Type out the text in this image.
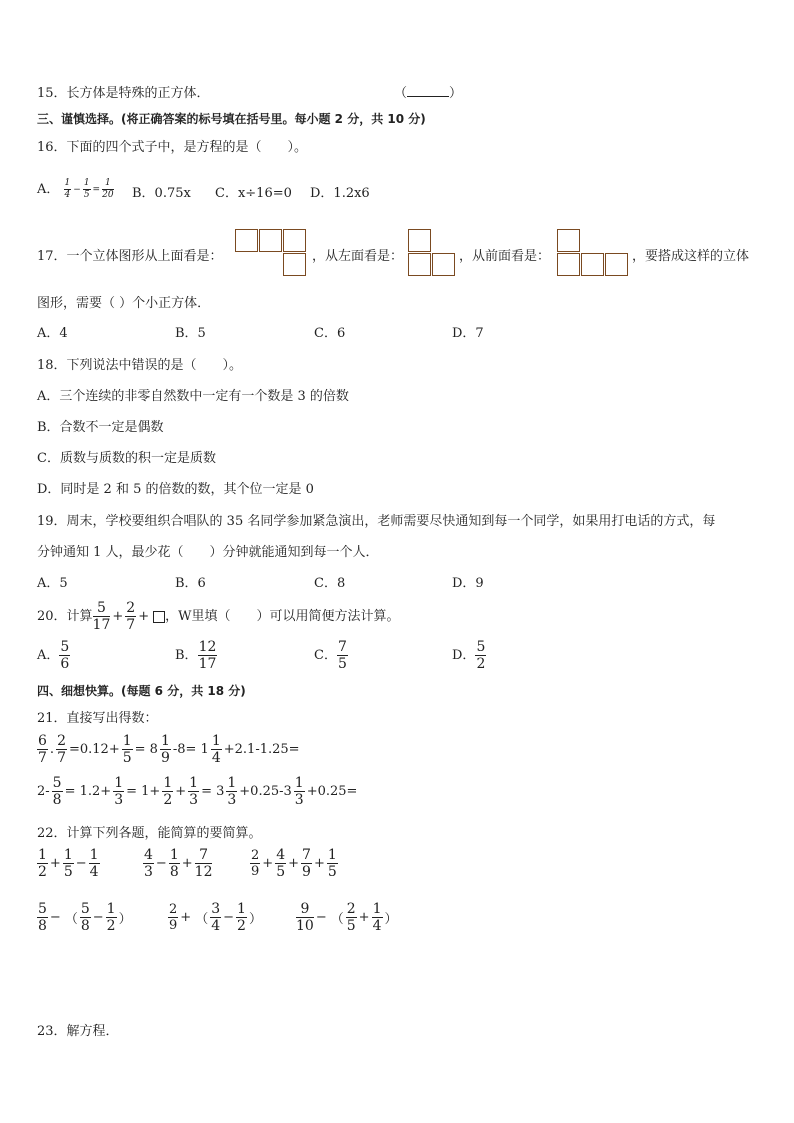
15．长方体是特殊的正方体．	（	）
三、谨慎选择。(将正确答案的标号填在括号里。每小题 2 分，共 10 分)
16．下面的四个式子中，是方程的是（　　）。
A． $\frac{1}{4} - \frac{1}{5} = \frac{1}{20}$ B．0.75x C．x÷16=0 D．1.2x6
17．一个立体图形从上面看是：	，从左面看是：	，从前面看是：	，要搭成这样的立体
图形，需要（ ）个小正方体．
A．4	B．5	C．6	D．7
18．下列说法中错误的是（　　）。
A．三个连续的非零自然数中一定有一个数是 3 的倍数
B．合数不一定是偶数
C．质数与质数的积一定是质数
D．同时是 2 和 5 的倍数的数，其个位一定是 0
19．周末，学校要组织合唱队的 35 名同学参加紧急演出，老师需要尽快通知到每一个同学，如果用打电话的方式，每
分钟通知 1 人，最少花（　　）分钟就能通知到每一个人．
A．5	B．6	C．8	D．9
20．计算 $\frac{5}{17} + \frac{2}{7}$ + ，W里填（　　）可以用简便方法计算。
A． $\frac{5}{6}$	B． $\frac{12}{17}$	C． $\frac{7}{5}$	D． $\frac{5}{2}$
四、细想快算。(每题 6 分，共 18 分)
21．直接写出得数：
$\frac{6}{7}$ . $\frac{2}{7} =0.12+ \frac{1}{5} = 8 \frac{1}{9} -8= 1 \frac{1}{4} +2.1-1.25=$
$2- \frac{5}{8} = 1.2+ \frac{1}{3} = 1+ \frac{1}{2} + \frac{1}{3} = 3 \frac{1}{3} +0.25-3 \frac{1}{3} +0.25=$
22．计算下列各题，能简算的要简算。
$\frac{1}{2} + \frac{1}{5} - \frac{1}{4}$	$\frac{4}{3} - \frac{1}{8} + \frac{7}{12}$	$\frac{2}{9} + \frac{4}{5} + \frac{7}{9} + \frac{1}{5}$
$\frac{5}{8}$ − （ $\frac{5}{8} - \frac{1}{2}$ ）	$\frac{2}{9}$ + （ $\frac{3}{4} - \frac{1}{2}$ ） $\frac{9}{10}$ − （ $\frac{2}{5} + \frac{1}{4}$ ）
23．解方程．
